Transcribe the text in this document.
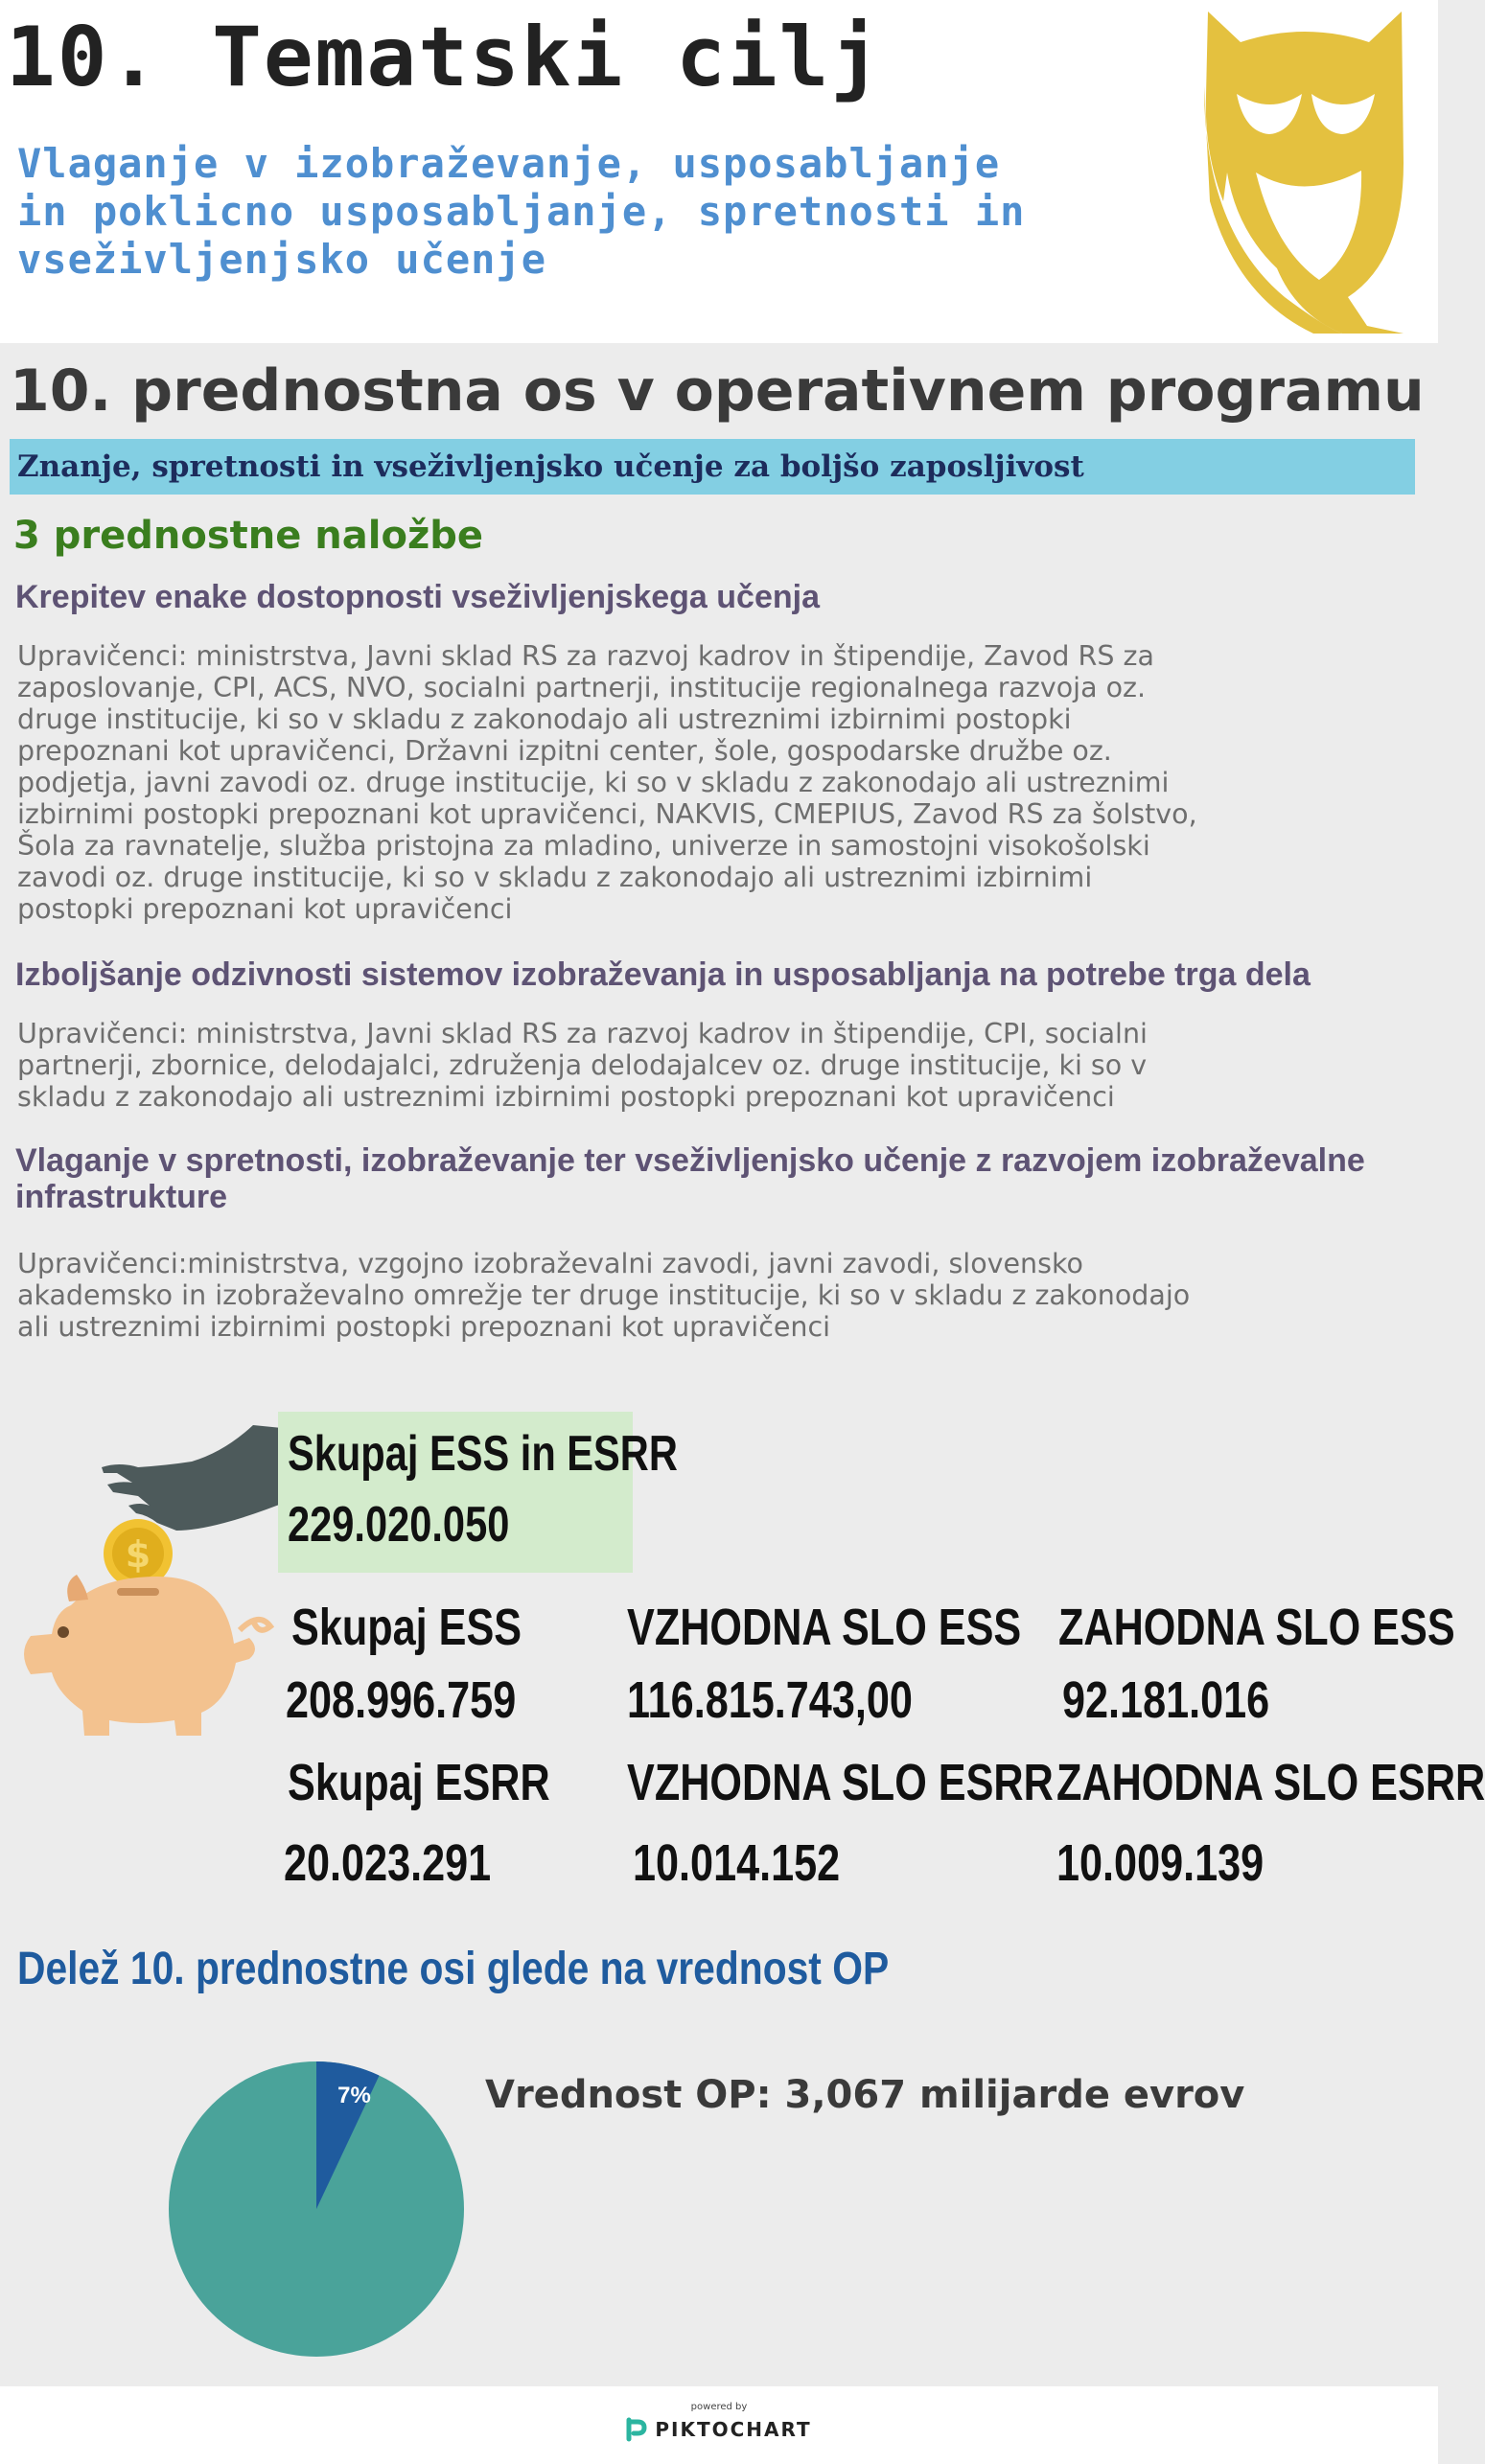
10. Tematski cilj

Vlaganje v izobraževanje, usposabljanje in poklicno usposabljanje, spretnosti in vseživljenjsko učenje

10. prednostna os v operativnem programu
Znanje, spretnosti in vseživljenjsko učenje za boljšo zaposljivost
3 prednostne naložbe
Krepitev enake dostopnosti vseživljenjskega učenja

Upravičenci: ministrstva, Javni sklad RS za razvoj kadrov in štipendije, Zavod RS za
zaposlovanje, CPI, ACS, NVO, socialni partnerji, institucije regionalnega razvoja oz.
druge institucije, ki so v skladu z zakonodajo ali ustreznimi izbirnimi postopki
prepoznani kot upravičenci, Državni izpitni center, šole, gospodarske družbe oz.
podjetja, javni zavodi oz. druge institucije, ki so v skladu z zakonodajo ali ustreznimi
izbirnimi postopki prepoznani kot upravičenci, NAKVIS, CMEPIUS, Zavod RS za šolstvo,
Šola za ravnatelje, služba pristojna za mladino, univerze in samostojni visokošolski
zavodi oz. druge institucije, ki so v skladu z zakonodajo ali ustreznimi izbirnimi
postopki prepoznani kot upravičenci

Izboljšanje odzivnosti sistemov izobraževanja in usposabljanja na potrebe trga dela

Upravičenci: ministrstva, Javni sklad RS za razvoj kadrov in štipendije, CPI, socialni
partnerji, zbornice, delodajalci, združenja delodajalcev oz. druge institucije, ki so v
skladu z zakonodajo ali ustreznimi izbirnimi postopki prepoznani kot upravičenci

Vlaganje v spretnosti, izobraževanje ter vseživljenjsko učenje z razvojem izobraževalne infrastrukture

Upravičenci:ministrstva, vzgojno izobraževalni zavodi, javni zavodi, slovensko
akademsko in izobraževalno omrežje ter druge institucije, ki so v skladu z zakonodajo
ali ustreznimi izbirnimi postopki prepoznani kot upravičenci

$
Skupaj ESS in ESRR
229.020.050
Skupaj ESS
208.996.759
VZHODNA SLO ESS
116.815.743,00
ZAHODNA SLO ESS
92.181.016
Skupaj ESRR
20.023.291
VZHODNA SLO ESRR
10.014.152
ZAHODNA SLO ESRR
10.009.139
Delež 10. prednostne osi glede na vrednost OP
7%	Vrednost OP: 3,067 milijarde evrov

powered by
PIKTOCHART
